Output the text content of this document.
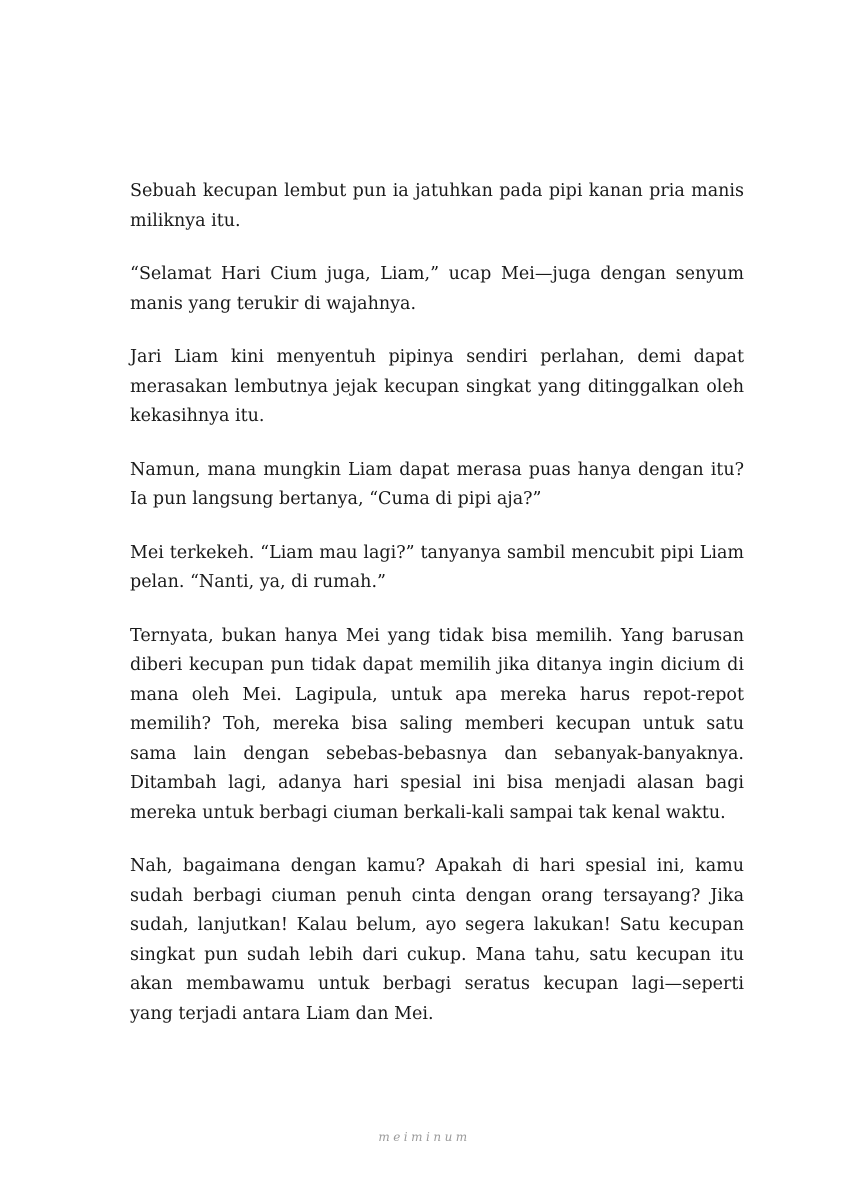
Sebuah kecupan lembut pun ia jatuhkan pada pipi kanan pria manis miliknya itu.

“Selamat Hari Cium juga, Liam,” ucap Mei—juga dengan senyum manis yang terukir di wajahnya.

Jari Liam kini menyentuh pipinya sendiri perlahan, demi dapat merasakan lembutnya jejak kecupan singkat yang ditinggalkan oleh kekasihnya itu.

Namun, mana mungkin Liam dapat merasa puas hanya dengan itu? Ia pun langsung bertanya, “Cuma di pipi aja?”

Mei terkekeh. “Liam mau lagi?” tanyanya sambil mencubit pipi Liam pelan. “Nanti, ya, di rumah.”

Ternyata, bukan hanya Mei yang tidak bisa memilih. Yang barusan diberi kecupan pun tidak dapat memilih jika ditanya ingin dicium di mana oleh Mei. Lagipula, untuk apa mereka harus repot-repot memilih? Toh, mereka bisa saling memberi kecupan untuk satu sama lain dengan sebebas-bebasnya dan sebanyak-banyaknya. Ditambah lagi, adanya hari spesial ini bisa menjadi alasan bagi mereka untuk berbagi ciuman berkali-kali sampai tak kenal waktu.

Nah, bagaimana dengan kamu? Apakah di hari spesial ini, kamu sudah berbagi ciuman penuh cinta dengan orang tersayang? Jika sudah, lanjutkan! Kalau belum, ayo segera lakukan! Satu kecupan singkat pun sudah lebih dari cukup. Mana tahu, satu kecupan itu akan membawamu untuk berbagi seratus kecupan lagi—seperti yang terjadi antara Liam dan Mei.

meiminum
